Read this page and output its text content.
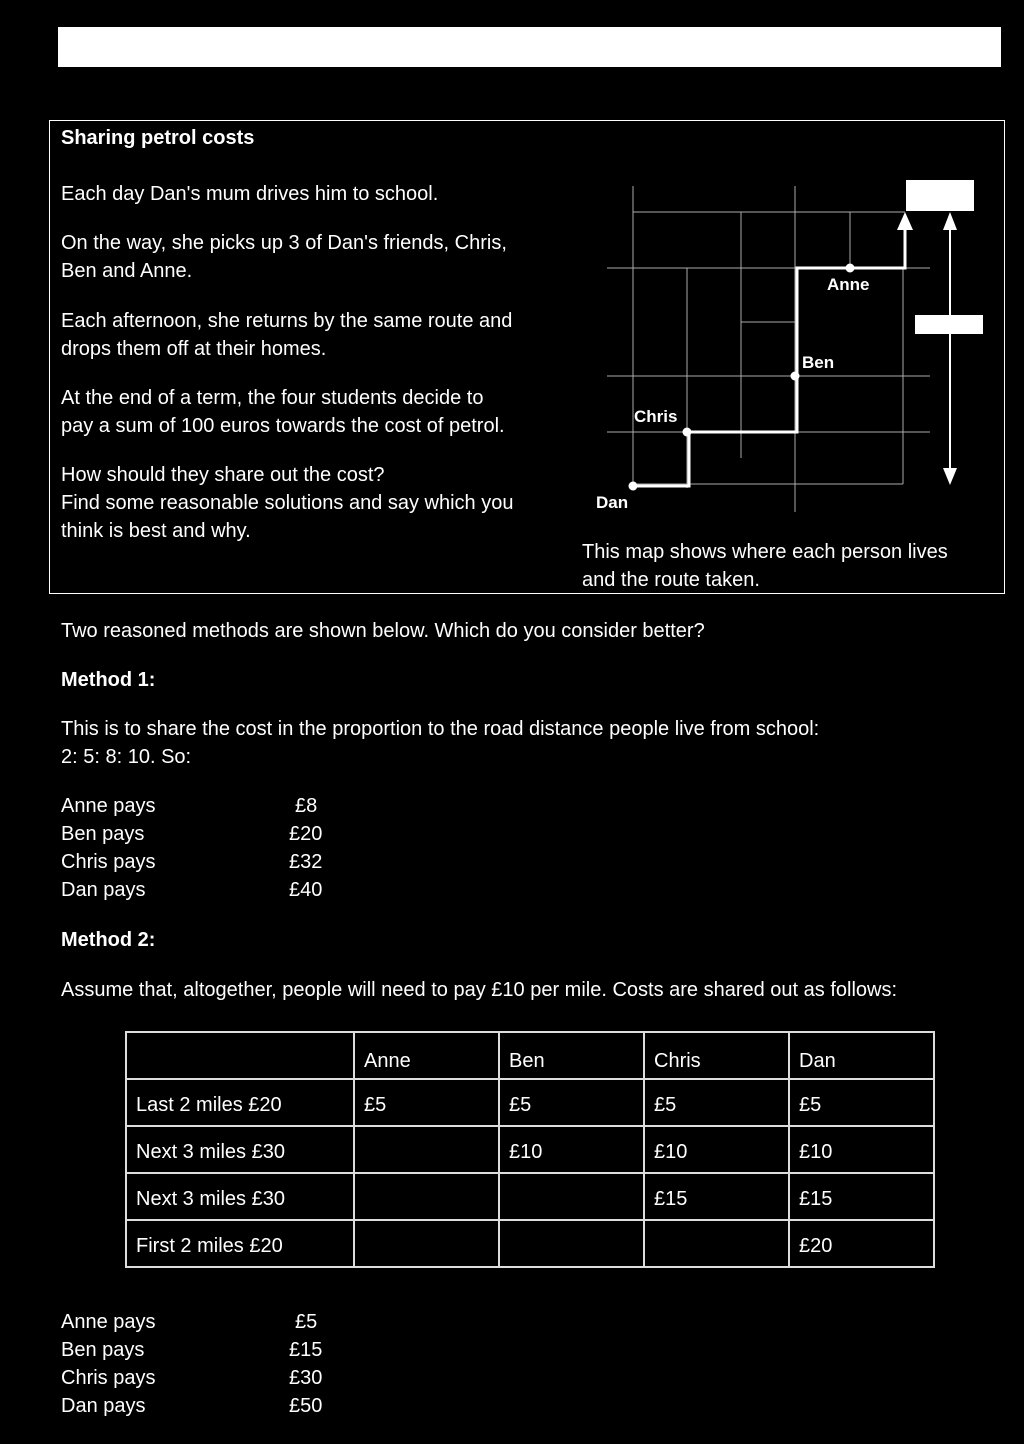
Sharing petrol costs
Each day Dan's mum drives him to school.
On the way, she picks up 3 of Dan's friends, Chris,
Ben and Anne.
Each afternoon, she returns by the same route and
drops them off at their homes.
At the end of a term, the four students decide to
pay a sum of 100 euros towards the cost of petrol.
How should they share out the cost?
Find some reasonable solutions and say which you
think is best and why.
Dan
Chris
Ben
Anne
This map shows where each person lives
and the route taken.
Two reasoned methods are shown below. Which do you consider better?
Method 1:
This is to share the cost in the proportion to the road distance people live from school:
2: 5: 8: 10. So:
Anne pays	£8
Ben pays	£20
Chris pays	£32
Dan pays	£40
Method 2:
Assume that, altogether, people will need to pay £10 per mile. Costs are shared out as follows:
	Anne	Ben	Chris	Dan
Last 2 miles £20	£5	£5	£5	£5
Next 3 miles £30		£10	£10	£10
Next 3 miles £30			£15	£15
First 2 miles £20				£20
Anne pays	£5
Ben pays	£15
Chris pays	£30
Dan pays	£50
